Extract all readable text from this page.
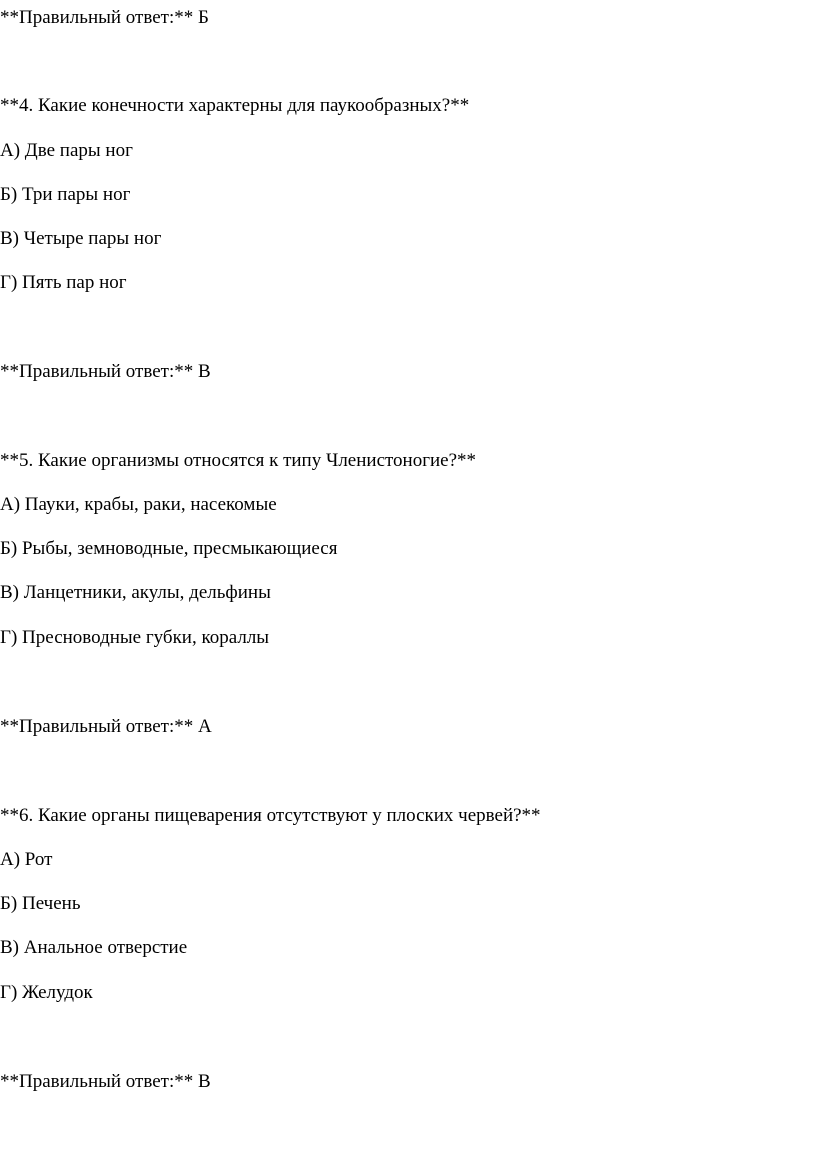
**Правильный ответ:** Б

**4. Какие конечности характерны для паукообразных?**

А) Две пары ног

Б) Три пары ног

В) Четыре пары ног

Г) Пять пар ног

**Правильный ответ:** В

**5. Какие организмы относятся к типу Членистоногие?**

А) Пауки, крабы, раки, насекомые

Б) Рыбы, земноводные, пресмыкающиеся

В) Ланцетники, акулы, дельфины

Г) Пресноводные губки, кораллы

**Правильный ответ:** А

**6. Какие органы пищеварения отсутствуют у плоских червей?**

А) Рот

Б) Печень

В) Анальное отверстие

Г) Желудок

**Правильный ответ:** В
